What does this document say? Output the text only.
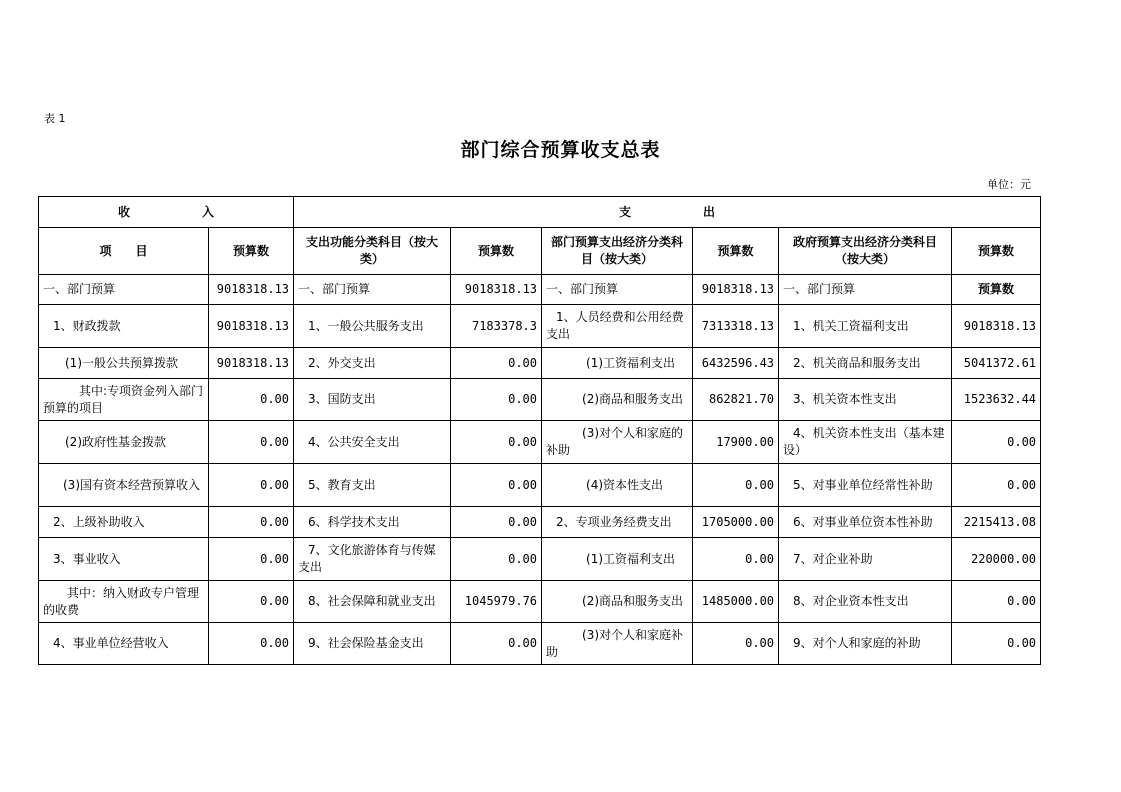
表 1
部门综合预算收支总表
单位：元
收　　　　　　入		支　　　　　　出					
项　　目	预算数	支出功能分类科目（按大类）	预算数	部门预算支出经济分类科目（按大类）	预算数	政府预算支出经济分类科目（按大类）	预算数
一、部门预算	9018318.13	一、部门预算	9018318.13	一、部门预算	9018318.13	一、部门预算	预算数
1、财政拨款	9018318.13	1、一般公共服务支出	7183378.3	1、人员经费和公用经费支出	7313318.13	1、机关工资福利支出	9018318.13
(1)一般公共预算拨款	9018318.13	2、外交支出	0.00	(1)工资福利支出	6432596.43	2、机关商品和服务支出	5041372.61
其中:专项资金列入部门预算的项目	0.00	3、国防支出	0.00	(2)商品和服务支出	862821.70	3、机关资本性支出	1523632.44
(2)政府性基金拨款	0.00	4、公共安全支出	0.00	(3)对个人和家庭的补助	17900.00	4、机关资本性支出（基本建设）	0.00
(3)国有资本经营预算收入	0.00	5、教育支出	0.00	(4)资本性支出	0.00	5、对事业单位经常性补助	0.00
2、上级补助收入	0.00	6、科学技术支出	0.00	2、专项业务经费支出	1705000.00	6、对事业单位资本性补助	2215413.08
3、事业收入	0.00	7、文化旅游体育与传媒支出	0.00	(1)工资福利支出	0.00	7、对企业补助	220000.00
其中：纳入财政专户管理的收费	0.00	8、社会保障和就业支出	1045979.76	(2)商品和服务支出	1485000.00	8、对企业资本性支出	0.00
4、事业单位经营收入	0.00	9、社会保险基金支出	0.00	(3)对个人和家庭补助	0.00	9、对个人和家庭的补助	0.00
